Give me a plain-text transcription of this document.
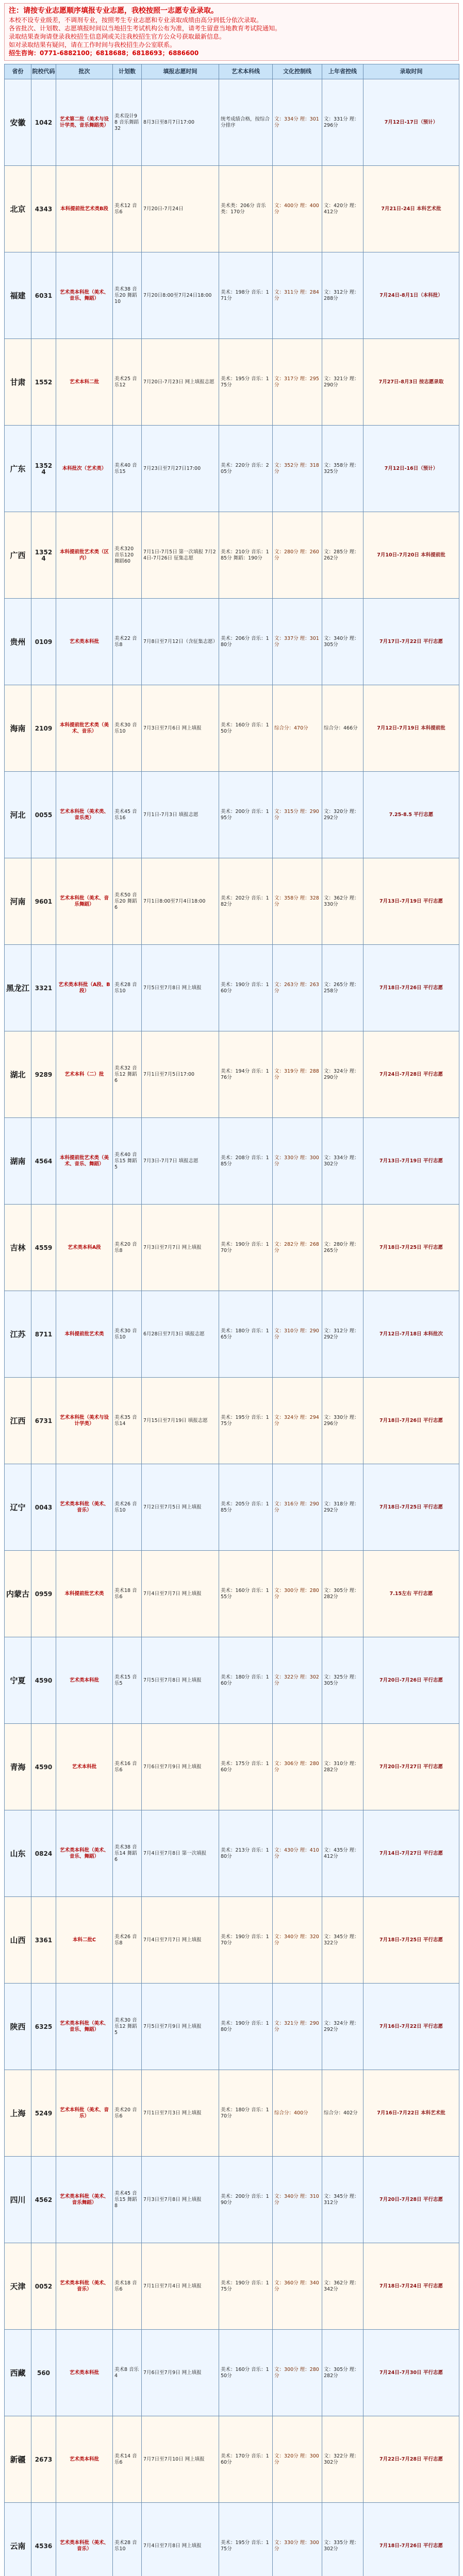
注：请按专业志愿顺序填报专业志愿，我校按照一志愿专业录取。
本校不设专业级差，不调剂专业，按照考生专业志愿和专业录取成绩由高分到低分依次录取。
各省批次、计划数、志愿填报时间以当地招生考试机构公布为准，请考生留意当地教育考试院通知。
录取结果查询请登录我校招生信息网或关注我校招生官方公众号获取最新信息。
如对录取结果有疑问，请在工作时间与我校招生办公室联系。
招生咨询：0771-6882100；6818688；6818693；6886600
省份	院校代码	批次	计划数	填报志愿时间	艺术本科线	文化控制线	上年省控线	录取时间
安徽	1042	艺术第二批（美术与设计学类、音乐舞蹈类）	美术设计98 音乐舞蹈32	8月3日至8月7日17:00	统考成绩合格，按综合分排序	文：334分 理：301分	文：331分 理：296分	7月12日-17日（预计）
北京	4343	本科提前批艺术类B段	美术12 音乐6	7月20日-7月24日	美术类：206分 音乐类：170分	文：400分 理：400分	文：420分 理：412分	7月21日-24日 本科艺术批
福建	6031	艺术类本科批（美术、音乐、舞蹈）	美术38 音乐20 舞蹈10	7月20日8:00至7月24日18:00	美术：198分 音乐：171分	文：311分 理：284分	文：312分 理：288分	7月24日-8月1日（本科批）
甘肃	1552	艺术本科二批	美术25 音乐12	7月20日-7月23日 网上填报志愿	美术：195分 音乐：175分	文：317分 理：295分	文：321分 理：290分	7月27日-8月3日 按志愿录取
广东	13524	本科批次（艺术类）	美术40 音乐15	7月23日至7月27日17:00	美术：220分 音乐：205分	文：352分 理：318分	文：358分 理：325分	7月12日-16日（预计）
广西	13524	本科提前批艺术类（区内）	美术320 音乐120 舞蹈60	7月1日-7月5日 第一次填报 7月24日-7月26日 征集志愿	美术：210分 音乐：185分 舞蹈：190分	文：280分 理：260分	文：285分 理：262分	7月10日-7月20日 本科提前批
贵州	0109	艺术类本科批	美术22 音乐8	7月8日至7月12日（含征集志愿）	美术：206分 音乐：180分	文：337分 理：301分	文：340分 理：305分	7月17日-7月22日 平行志愿
海南	2109	本科提前批艺术类（美术、音乐）	美术30 音乐10	7月3日至7月6日 网上填报	美术：160分 音乐：150分	综合分：470分	综合分：466分	7月12日-7月19日 本科提前批
河北	0055	艺术本科批（美术类、音乐类）	美术45 音乐16	7月1日-7月3日 填报志愿	美术：200分 音乐：195分	文：315分 理：290分	文：320分 理：292分	7.25-8.5 平行志愿
河南	9601	艺术本科批（美术、音乐舞蹈）	美术50 音乐20 舞蹈6	7月1日8:00至7月4日18:00	美术：202分 音乐：182分	文：358分 理：328分	文：362分 理：330分	7月13日-7月19日 平行志愿
黑龙江	3321	艺术类本科批（A段、B段）	美术28 音乐10	7月5日至7月8日 网上填报	美术：190分 音乐：160分	文：263分 理：263分	文：265分 理：258分	7月18日-7月26日 平行志愿
湖北	9289	艺术本科（二）批	美术32 音乐12 舞蹈6	7月1日至7月5日17:00	美术：194分 音乐：176分	文：319分 理：288分	文：324分 理：290分	7月24日-7月28日 平行志愿
湖南	4564	本科提前批艺术类（美术、音乐、舞蹈）	美术40 音乐15 舞蹈5	7月3日-7月7日 填报志愿	美术：208分 音乐：185分	文：330分 理：300分	文：334分 理：302分	7月13日-7月19日 平行志愿
吉林	4559	艺术类本科A段	美术20 音乐8	7月3日至7月7日 网上填报	美术：190分 音乐：170分	文：282分 理：268分	文：280分 理：265分	7月18日-7月25日 平行志愿
江苏	8711	本科提前批艺术类	美术30 音乐10	6月28日至7月3日 填报志愿	美术：180分 音乐：165分	文：310分 理：290分	文：312分 理：292分	7月12日-7月18日 本科批次
江西	6731	艺术本科批（美术与设计学类）	美术35 音乐14	7月15日至7月19日 填报志愿	美术：195分 音乐：175分	文：324分 理：294分	文：330分 理：296分	7月18日-7月26日 平行志愿
辽宁	0043	艺术类本科批（美术、音乐）	美术26 音乐10	7月2日至7月5日 网上填报	美术：205分 音乐：185分	文：316分 理：290分	文：318分 理：292分	7月18日-7月25日 平行志愿
内蒙古	0959	本科提前批艺术类	美术18 音乐6	7月4日至7月7日 网上填报	美术：160分 音乐：155分	文：300分 理：280分	文：305分 理：282分	7.15左右 平行志愿
宁夏	4590	艺术类本科批	美术15 音乐5	7月5日至7月8日 网上填报	美术：180分 音乐：160分	文：322分 理：302分	文：325分 理：305分	7月20日-7月26日 平行志愿
青海	4590	艺术本科批	美术16 音乐6	7月6日至7月9日 网上填报	美术：175分 音乐：160分	文：306分 理：280分	文：310分 理：282分	7月20日-7月27日 平行志愿
山东	0824	艺术类本科批（美术、音乐、舞蹈）	美术38 音乐14 舞蹈6	7月4日至7月8日 第一次填报	美术：213分 音乐：180分	文：430分 理：410分	文：435分 理：412分	7月14日-7月27日 平行志愿
山西	3361	本科二批C	美术26 音乐8	7月4日至7月7日 网上填报	美术：190分 音乐：170分	文：340分 理：320分	文：345分 理：322分	7月18日-7月25日 平行志愿
陕西	6325	艺术类本科批（美术、音乐、舞蹈）	美术30 音乐12 舞蹈5	7月5日至7月9日 网上填报	美术：190分 音乐：180分	文：321分 理：290分	文：324分 理：292分	7月16日-7月22日 平行志愿
上海	5249	艺术本科批（美术、音乐）	美术20 音乐6	7月1日至7月3日 网上填报	美术：180分 音乐：170分	综合分：400分	综合分：402分	7月16日-7月22日 本科艺术批
四川	4562	艺术类本科批（美术、音乐舞蹈）	美术45 音乐15 舞蹈8	7月3日至7月8日 网上填报	美术：200分 音乐：190分	文：340分 理：310分	文：345分 理：312分	7月20日-7月28日 平行志愿
天津	0052	艺术类本科批（美术、音乐）	美术18 音乐6	7月1日至7月4日 网上填报	美术：190分 音乐：175分	文：360分 理：340分	文：362分 理：342分	7月18日-7月24日 平行志愿
西藏	560	艺术类本科批	美术8 音乐4	7月6日至7月9日 网上填报	美术：160分 音乐：150分	文：300分 理：280分	文：305分 理：282分	7月24日-7月30日 平行志愿
新疆	2673	艺术类本科批	美术14 音乐6	7月7日至7月10日 网上填报	美术：170分 音乐：160分	文：320分 理：300分	文：322分 理：302分	7月22日-7月28日 平行志愿
云南	4536	艺术类本科批（美术、音乐）	美术28 音乐10	7月4日至7月8日 网上填报	美术：195分 音乐：175分	文：330分 理：300分	文：335分 理：302分	7月18日-7月26日 平行志愿
